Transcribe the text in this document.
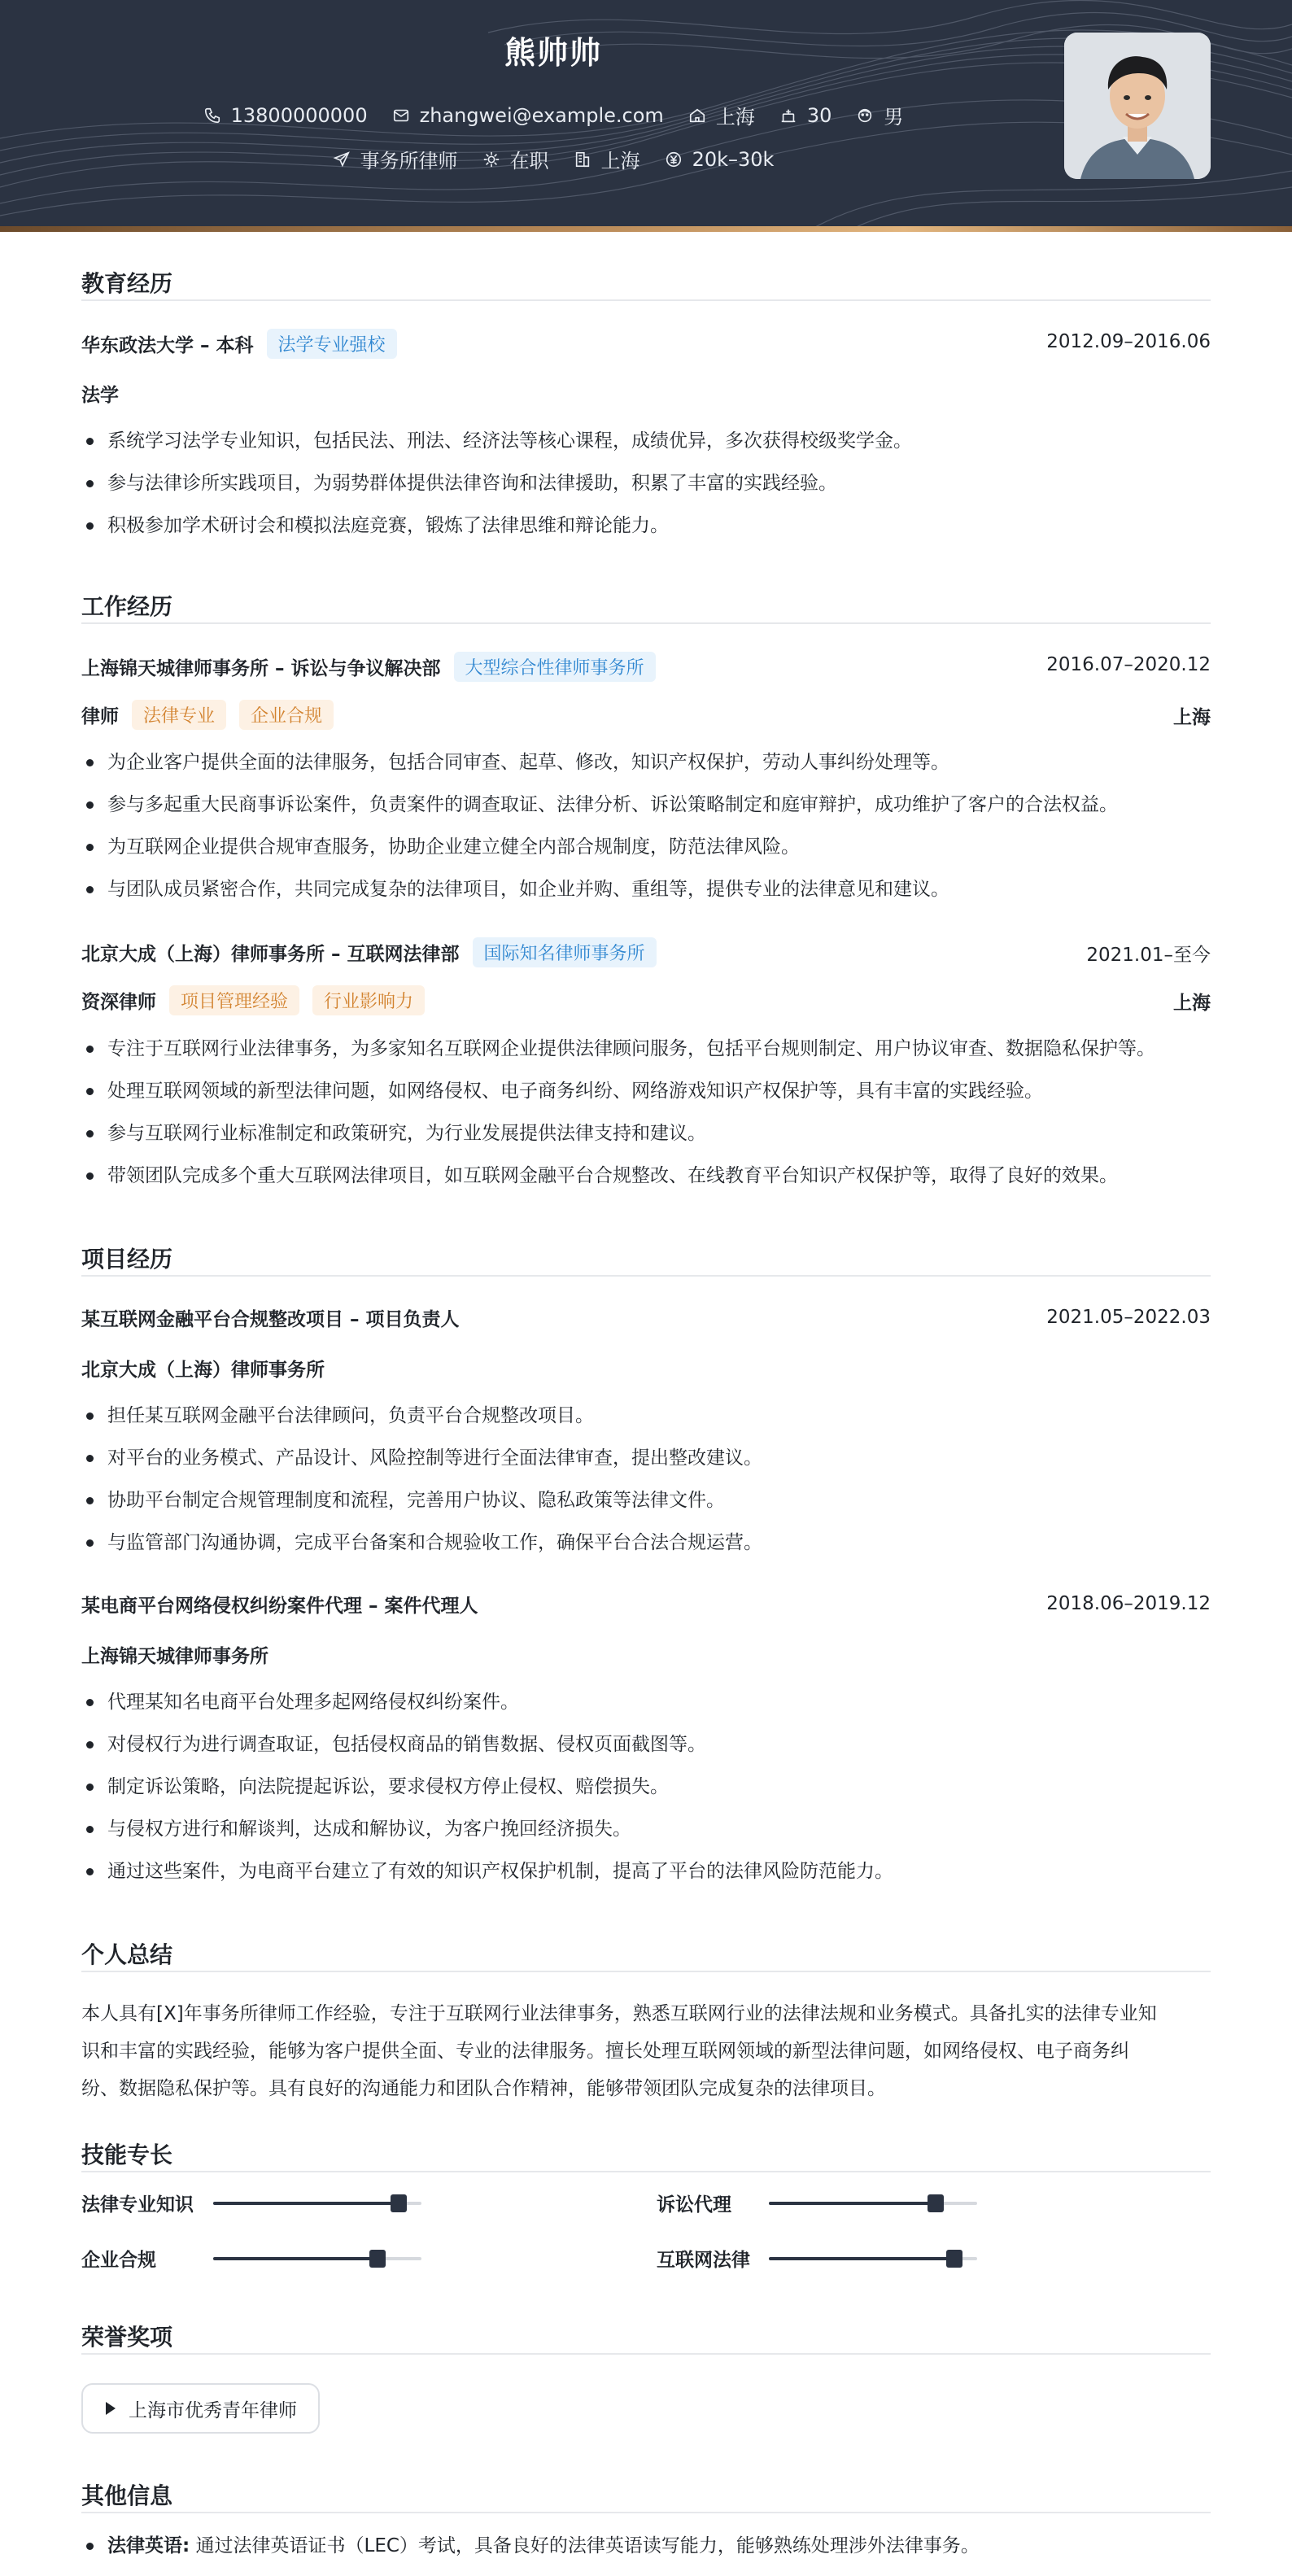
熊帅帅
13800000000	zhangwei@example.com	上海	30	男
事务所律师	在职	上海	20k–30k
教育经历
华东政法大学 – 本科	法学专业强校	2012.09–2016.06
法学
系统学习法学专业知识，包括民法、刑法、经济法等核心课程，成绩优异，多次获得校级奖学金。
参与法律诊所实践项目，为弱势群体提供法律咨询和法律援助，积累了丰富的实践经验。
积极参加学术研讨会和模拟法庭竞赛，锻炼了法律思维和辩论能力。
工作经历
上海锦天城律师事务所 – 诉讼与争议解决部	大型综合性律师事务所	2016.07–2020.12
律师	法律专业	企业合规	上海
为企业客户提供全面的法律服务，包括合同审查、起草、修改，知识产权保护，劳动人事纠纷处理等。
参与多起重大民商事诉讼案件，负责案件的调查取证、法律分析、诉讼策略制定和庭审辩护，成功维护了客户的合法权益。
为互联网企业提供合规审查服务，协助企业建立健全内部合规制度，防范法律风险。
与团队成员紧密合作，共同完成复杂的法律项目，如企业并购、重组等，提供专业的法律意见和建议。
北京大成（上海）律师事务所 – 互联网法律部	国际知名律师事务所	2021.01–至今
资深律师	项目管理经验	行业影响力	上海
专注于互联网行业法律事务，为多家知名互联网企业提供法律顾问服务，包括平台规则制定、用户协议审查、数据隐私保护等。
处理互联网领域的新型法律问题，如网络侵权、电子商务纠纷、网络游戏知识产权保护等，具有丰富的实践经验。
参与互联网行业标准制定和政策研究，为行业发展提供法律支持和建议。
带领团队完成多个重大互联网法律项目，如互联网金融平台合规整改、在线教育平台知识产权保护等，取得了良好的效果。
项目经历
某互联网金融平台合规整改项目 – 项目负责人	2021.05–2022.03
北京大成（上海）律师事务所
担任某互联网金融平台法律顾问，负责平台合规整改项目。
对平台的业务模式、产品设计、风险控制等进行全面法律审查，提出整改建议。
协助平台制定合规管理制度和流程，完善用户协议、隐私政策等法律文件。
与监管部门沟通协调，完成平台备案和合规验收工作，确保平台合法合规运营。
某电商平台网络侵权纠纷案件代理 – 案件代理人	2018.06–2019.12
上海锦天城律师事务所
代理某知名电商平台处理多起网络侵权纠纷案件。
对侵权行为进行调查取证，包括侵权商品的销售数据、侵权页面截图等。
制定诉讼策略，向法院提起诉讼，要求侵权方停止侵权、赔偿损失。
与侵权方进行和解谈判，达成和解协议，为客户挽回经济损失。
通过这些案件，为电商平台建立了有效的知识产权保护机制，提高了平台的法律风险防范能力。
个人总结
本人具有[X]年事务所律师工作经验，专注于互联网行业法律事务，熟悉互联网行业的法律法规和业务模式。具备扎实的法律专业知
识和丰富的实践经验，能够为客户提供全面、专业的法律服务。擅长处理互联网领域的新型法律问题，如网络侵权、电子商务纠
纷、数据隐私保护等。具有良好的沟通能力和团队合作精神，能够带领团队完成复杂的法律项目。
技能专长
法律专业知识	诉讼代理
企业合规	互联网法律
荣誉奖项
上海市优秀青年律师
其他信息
法律英语: 通过法律英语证书（LEC）考试，具备良好的法律英语读写能力，能够熟练处理涉外法律事务。
